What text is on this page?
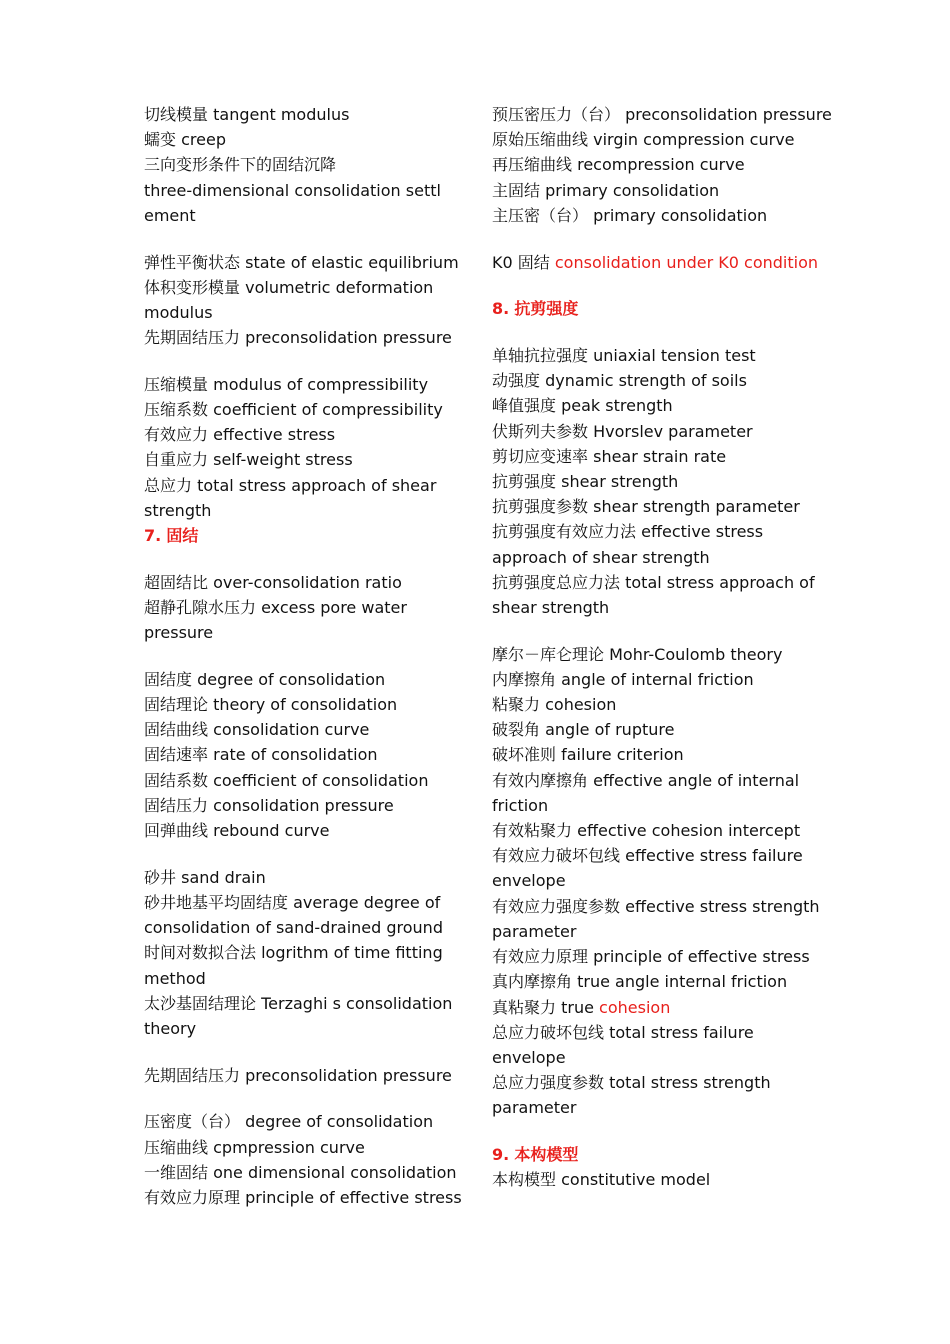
切线模量 tangent modulus
蠕变 creep
三向变形条件下的固结沉降
three-dimensional consolidation settl
ement
弹性平衡状态 state of elastic equilibrium
体积变形模量 volumetric deformation
modulus
先期固结压力 preconsolidation pressure
压缩模量 modulus of compressibility
压缩系数 coefficient of compressibility
有效应力 effective stress
自重应力 self-weight stress
总应力 total stress approach of shear
strength
7. 固结
超固结比 over-consolidation ratio
超静孔隙水压力 excess pore water
pressure
固结度 degree of consolidation
固结理论 theory of consolidation
固结曲线 consolidation curve
固结速率 rate of consolidation
固结系数 coefficient of consolidation
固结压力 consolidation pressure
回弹曲线 rebound curve
砂井 sand drain
砂井地基平均固结度 average degree of
consolidation of sand-drained ground
时间对数拟合法 logrithm of time fitting
method
太沙基固结理论 Terzaghi s consolidation
theory
先期固结压力 preconsolidation pressure
压密度（台） degree of consolidation
压缩曲线 cpmpression curve
一维固结 one dimensional consolidation
有效应力原理 principle of effective stress
预压密压力（台） preconsolidation pressure
原始压缩曲线 virgin compression curve
再压缩曲线 recompression curve
主固结 primary consolidation
主压密（台） primary consolidation
K0 固结 consolidation under K0 condition
8. 抗剪强度
单轴抗拉强度 uniaxial tension test
动强度 dynamic strength of soils
峰值强度 peak strength
伏斯列夫参数 Hvorslev parameter
剪切应变速率 shear strain rate
抗剪强度 shear strength
抗剪强度参数 shear strength parameter
抗剪强度有效应力法 effective stress
approach of shear strength
抗剪强度总应力法 total stress approach of
shear strength
摩尔－库仑理论 Mohr-Coulomb theory
内摩擦角 angle of internal friction
粘聚力 cohesion
破裂角 angle of rupture
破坏准则 failure criterion
有效内摩擦角 effective angle of internal
friction
有效粘聚力 effective cohesion intercept
有效应力破坏包线 effective stress failure
envelope
有效应力强度参数 effective stress strength
parameter
有效应力原理 principle of effective stress
真内摩擦角 true angle internal friction
真粘聚力 true cohesion
总应力破坏包线 total stress failure
envelope
总应力强度参数 total stress strength
parameter
9. 本构模型
本构模型 constitutive model
